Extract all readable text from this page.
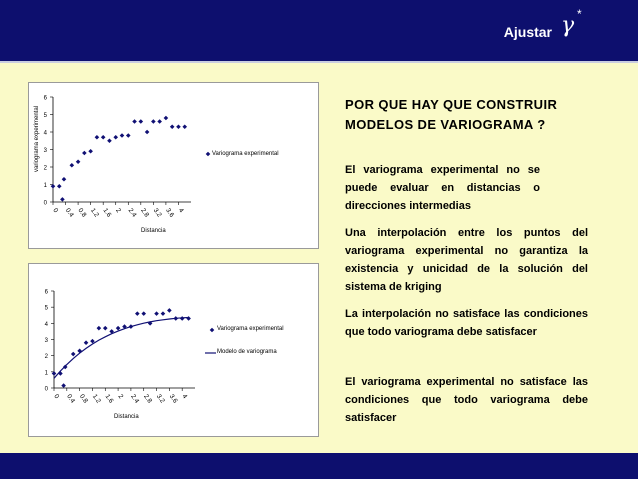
Ajustar γ *
variograma experimental
0
1
2
3
4
5
6
0 0.4 0.8 1.2 1.6 2 2.4 2.8 3.2 3.6 4
Distancia
Variograma experimental
0
1
2
3
4
5
6
0 0.4 0.8 1.2 1.6 2 2.4 2.8 3.2 3.6 4
Distancia
Variograma experimental
Modelo de variograma
POR QUE HAY QUE CONSTRUIR MODELOS DE VARIOGRAMA ?
El variograma experimental no se puede evaluar en distancias o direcciones intermedias
Una interpolación entre los puntos del variograma experimental no garantiza la existencia y unicidad de la solución del sistema de kriging
La interpolación no satisface las condiciones que todo variograma debe satisfacer
El variograma experimental no satisface las condiciones que todo variograma debe satisfacer
